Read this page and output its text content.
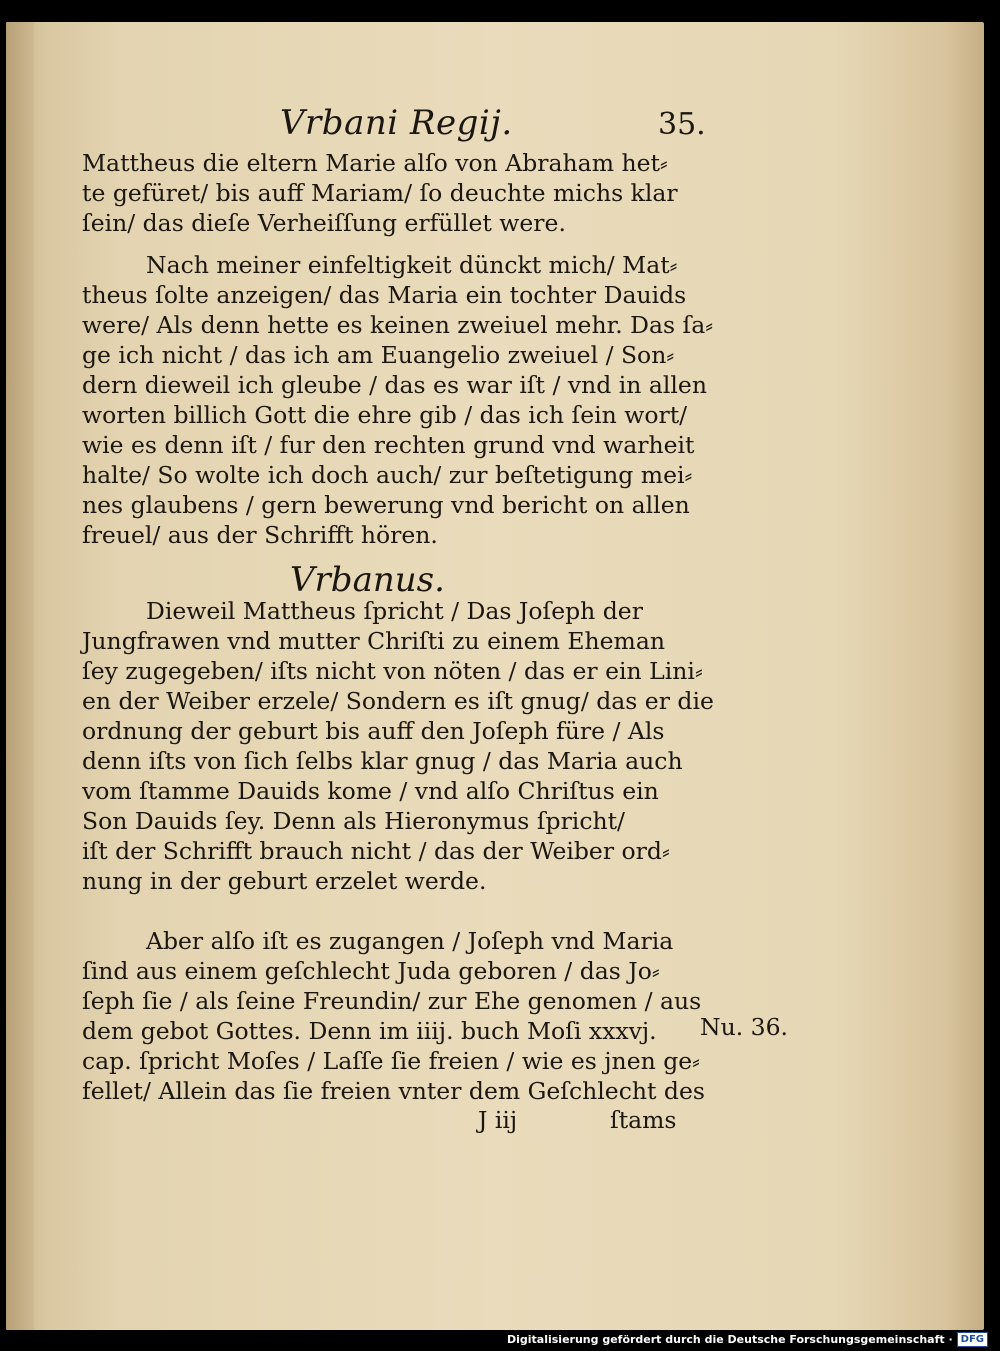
Vrbani Regij.	35.
Mattheus die eltern Marie alſo von Abraham het⸗
te gefüret/ bis auff Mariam/ ſo deuchte michs klar
ſein/ das dieſe Verheiſſung erfüllet were.
Nach meiner einfeltigkeit dünckt mich/ Mat⸗
theus ſolte anzeigen/ das Maria ein tochter Dauids
were/ Als denn hette es keinen zweiuel mehr. Das ſa⸗
ge ich nicht / das ich am Euangelio zweiuel / Son⸗
dern dieweil ich gleube / das es war iſt / vnd in allen
worten billich Gott die ehre gib / das ich ſein wort/
wie es denn iſt / fur den rechten grund vnd warheit
halte/ So wolte ich doch auch/ zur beſtetigung mei⸗
nes glaubens / gern bewerung vnd bericht on allen
freuel/ aus der Schrifft hören.
Vrbanus.
Dieweil Mattheus ſpricht / Das Joſeph der
Jungfrawen vnd mutter Chriſti zu einem Eheman
ſey zugegeben/ iſts nicht von nöten / das er ein Lini⸗
en der Weiber erzele/ Sondern es iſt gnug/ das er die
ordnung der geburt bis auff den Joſeph füre / Als
denn iſts von ſich ſelbs klar gnug / das Maria auch
vom ſtamme Dauids kome / vnd alſo Chriſtus ein
Son Dauids ſey. Denn als Hieronymus ſpricht/
iſt der Schrifft brauch nicht / das der Weiber ord⸗
nung in der geburt erzelet werde.
Aber alſo iſt es zugangen / Joſeph vnd Maria
ſind aus einem geſchlecht Juda geboren / das Jo⸗
ſeph ſie / als ſeine Freundin/ zur Ehe genomen / aus
dem gebot Gottes. Denn im iiij. buch Moſi xxxvj.
cap. ſpricht Moſes / Laſſe ſie freien / wie es jnen ge⸗
fellet/ Allein das ſie freien vnter dem Geſchlecht des
Nu. 36.
J iij	ſtams
Digitalisierung gefördert durch die Deutsche Forschungsgemeinschaft · DFG
